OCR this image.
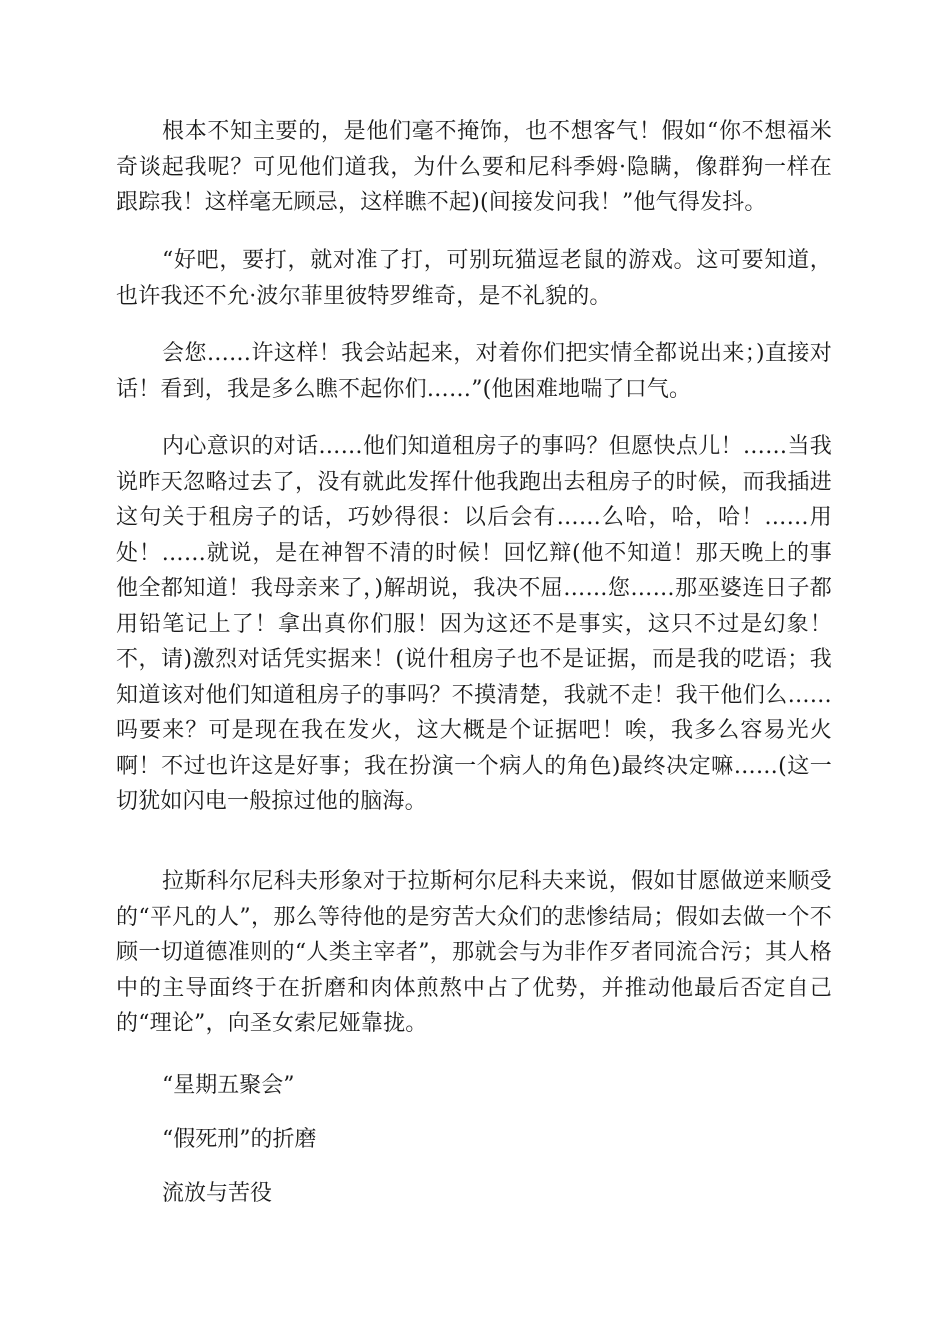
根本不知主要的，是他们毫不掩饰，也不想客气！假如“你不想福米奇谈起我呢？可见他们道我，为什么要和尼科季姆·隐瞒，像群狗一样在跟踪我！这样毫无顾忌，这样瞧不起)(间接发问我！”他气得发抖。

“好吧，要打，就对准了打，可别玩猫逗老鼠的游戏。这可要知道，也许我还不允·波尔菲里彼特罗维奇，是不礼貌的。

会您……许这样！我会站起来，对着你们把实情全都说出来；)直接对话！看到，我是多么瞧不起你们……”(他困难地喘了口气。

内心意识的对话……他们知道租房子的事吗？但愿快点儿！……当我说昨天忽略过去了，没有就此发挥什他我跑出去租房子的时候，而我插进这句关于租房子的话，巧妙得很：以后会有……么哈，哈，哈！……用处！……就说，是在神智不清的时候！回忆辩(他不知道！那天晚上的事他全都知道！我母亲来了，)解胡说，我决不屈……您……那巫婆连日子都用铅笔记上了！拿出真你们服！因为这还不是事实，这只不过是幻象！不，请)激烈对话凭实据来！(说什租房子也不是证据，而是我的呓语；我知道该对他们知道租房子的事吗？不摸清楚，我就不走！我干他们么……吗要来？可是现在我在发火，这大概是个证据吧！唉，我多么容易光火啊！不过也许这是好事；我在扮演一个病人的角色)最终决定嘛……(这一切犹如闪电一般掠过他的脑海。

拉斯科尔尼科夫形象对于拉斯柯尔尼科夫来说，假如甘愿做逆来顺受的“平凡的人”，那么等待他的是穷苦大众们的悲惨结局；假如去做一个不顾一切道德准则的“人类主宰者”，那就会与为非作歹者同流合污；其人格中的主导面终于在折磨和肉体煎熬中占了优势，并推动他最后否定自己的“理论”，向圣女索尼娅靠拢。

“星期五聚会”

“假死刑”的折磨

流放与苦役
